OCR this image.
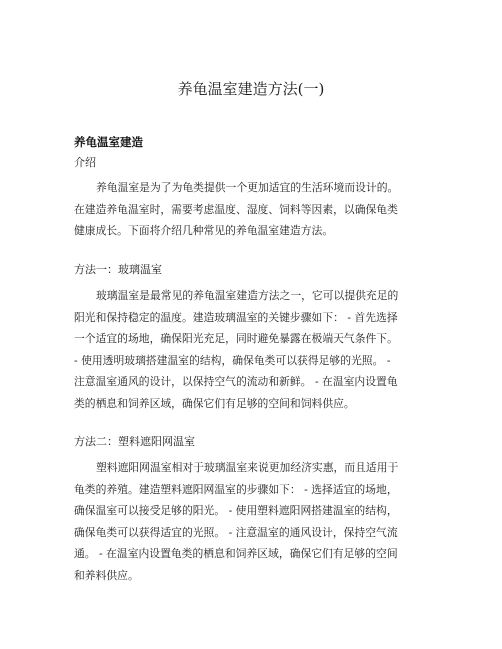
养龟温室建造方法(一)
养龟温室建造
介绍

养龟温室是为了为龟类提供一个更加适宜的生活环境而设计的。
在建造养龟温室时，需要考虑温度、湿度、饲料等因素，以确保龟类
健康成长。下面将介绍几种常见的养龟温室建造方法。

方法一：玻璃温室

玻璃温室是最常见的养龟温室建造方法之一，它可以提供充足的
阳光和保持稳定的温度。建造玻璃温室的关键步骤如下： - 首先选择
一个适宜的场地，确保阳光充足，同时避免暴露在极端天气条件下。
- 使用透明玻璃搭建温室的结构，确保龟类可以获得足够的光照。 -
注意温室通风的设计，以保持空气的流动和新鲜。 - 在温室内设置龟
类的栖息和饲养区域，确保它们有足够的空间和饲料供应。

方法二：塑料遮阳网温室

塑料遮阳网温室相对于玻璃温室来说更加经济实惠，而且适用于
龟类的养殖。建造塑料遮阳网温室的步骤如下： - 选择适宜的场地，
确保温室可以接受足够的阳光。 - 使用塑料遮阳网搭建温室的结构，
确保龟类可以获得适宜的光照。 - 注意温室的通风设计，保持空气流
通。 - 在温室内设置龟类的栖息和饲养区域，确保它们有足够的空间
和养料供应。
